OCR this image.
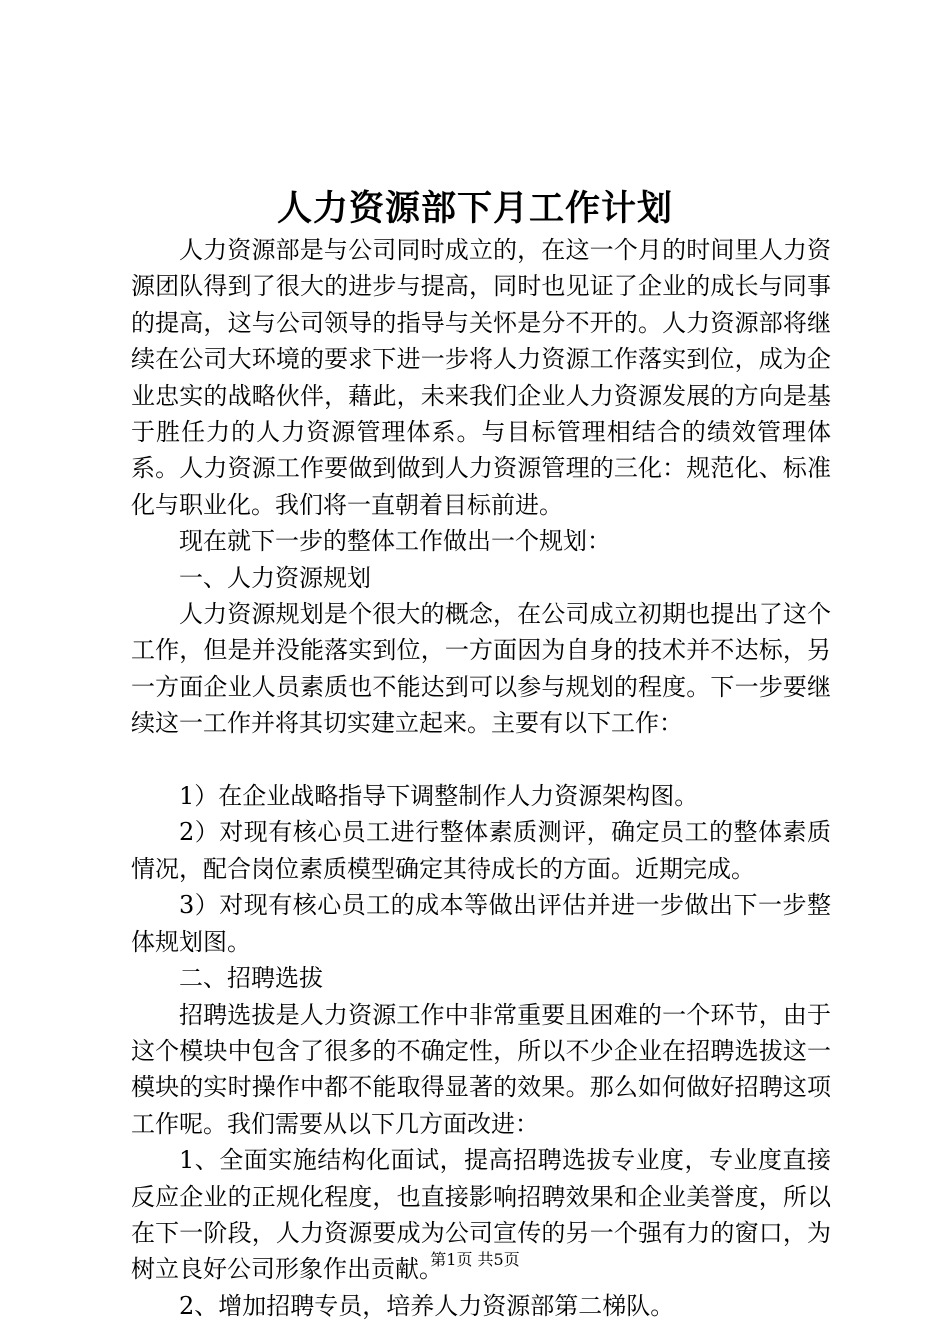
人力资源部下月工作计划

人力资源部是与公司同时成立的，在这一个月的时间里人力资源团队得到了很大的进步与提高，同时也见证了企业的成长与同事的提高，这与公司领导的指导与关怀是分不开的。人力资源部将继续在公司大环境的要求下进一步将人力资源工作落实到位，成为企业忠实的战略伙伴，藉此，未来我们企业人力资源发展的方向是基于胜任力的人力资源管理体系。与目标管理相结合的绩效管理体系。人力资源工作要做到做到人力资源管理的三化：规范化、标准化与职业化。我们将一直朝着目标前进。

现在就下一步的整体工作做出一个规划：

一、人力资源规划

人力资源规划是个很大的概念，在公司成立初期也提出了这个工作，但是并没能落实到位，一方面因为自身的技术并不达标，另一方面企业人员素质也不能达到可以参与规划的程度。下一步要继续这一工作并将其切实建立起来。主要有以下工作：

1）在企业战略指导下调整制作人力资源架构图。

2）对现有核心员工进行整体素质测评，确定员工的整体素质情况，配合岗位素质模型确定其待成长的方面。近期完成。

3）对现有核心员工的成本等做出评估并进一步做出下一步整体规划图。

二、招聘选拔

招聘选拔是人力资源工作中非常重要且困难的一个环节，由于这个模块中包含了很多的不确定性，所以不少企业在招聘选拔这一模块的实时操作中都不能取得显著的效果。那么如何做好招聘这项工作呢。我们需要从以下几方面改进：

1、全面实施结构化面试，提高招聘选拔专业度，专业度直接反应企业的正规化程度，也直接影响招聘效果和企业美誉度，所以在下一阶段，人力资源要成为公司宣传的另一个强有力的窗口，为树立良好公司形象作出贡献。

2、增加招聘专员，培养人力资源部第二梯队。

第1页 共5页
